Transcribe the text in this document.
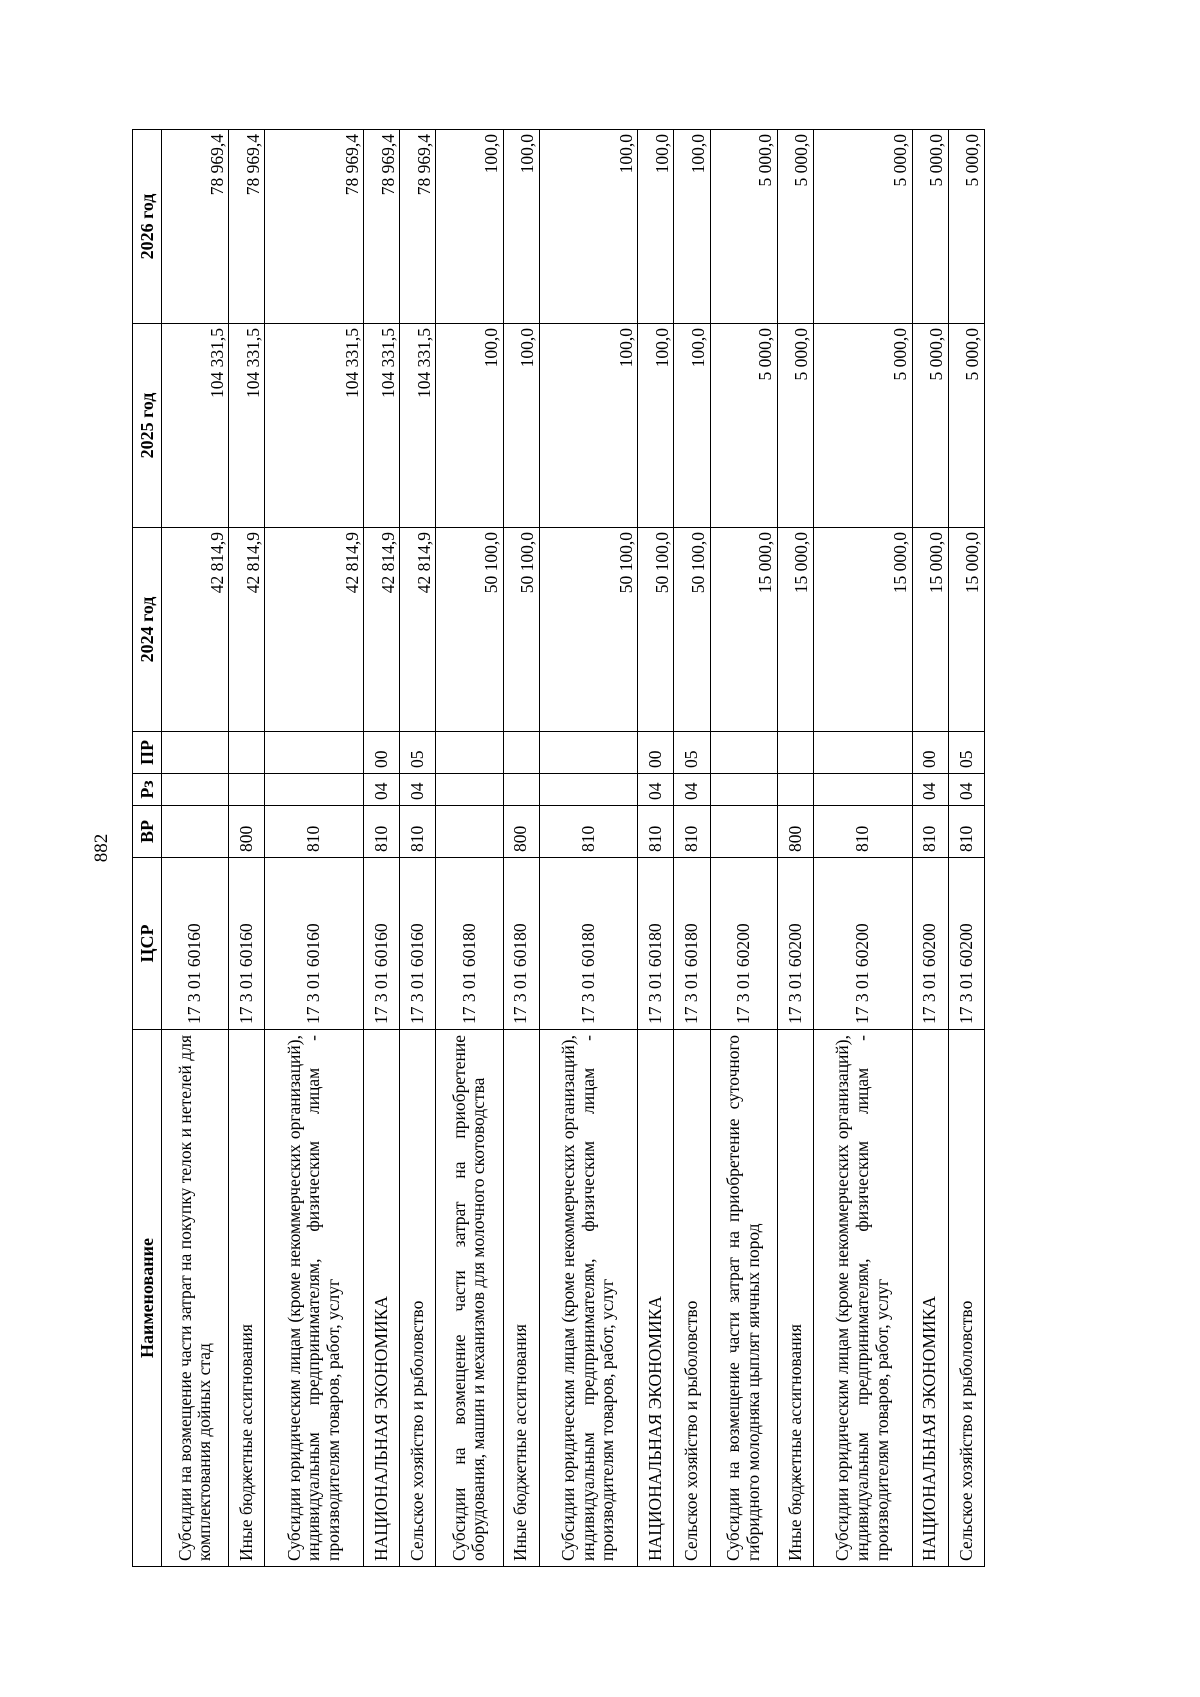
882
Наименование	ЦСР	ВР	Рз	ПР	2024 год	2025 год	2026 год
Субсидии на возмещение части затрат на покупку телок и нетелей для комплектования дойных стад	17 3 01 60160				42 814,9	104 331,5	78 969,4
Иные бюджетные ассигнования	17 3 01 60160	800			42 814,9	104 331,5	78 969,4
Субсидии юридическим лицам (кроме некоммерческих организаций), индивидуальным предпринимателям, физическим лицам - производителям товаров, работ, услуг	17 3 01 60160	810			42 814,9	104 331,5	78 969,4
НАЦИОНАЛЬНАЯ ЭКОНОМИКА	17 3 01 60160	810	04	00	42 814,9	104 331,5	78 969,4
Сельское хозяйство и рыболовство	17 3 01 60160	810	04	05	42 814,9	104 331,5	78 969,4
Субсидии на возмещение части затрат на приобретение оборудования, машин и механизмов для молочного скотоводства	17 3 01 60180				50 100,0	100,0	100,0
Иные бюджетные ассигнования	17 3 01 60180	800			50 100,0	100,0	100,0
Субсидии юридическим лицам (кроме некоммерческих организаций), индивидуальным предпринимателям, физическим лицам - производителям товаров, работ, услуг	17 3 01 60180	810			50 100,0	100,0	100,0
НАЦИОНАЛЬНАЯ ЭКОНОМИКА	17 3 01 60180	810	04	00	50 100,0	100,0	100,0
Сельское хозяйство и рыболовство	17 3 01 60180	810	04	05	50 100,0	100,0	100,0
Субсидии на возмещение части затрат на приобретение суточного гибридного молодняка цыплят яичных пород	17 3 01 60200				15 000,0	5 000,0	5 000,0
Иные бюджетные ассигнования	17 3 01 60200	800			15 000,0	5 000,0	5 000,0
Субсидии юридическим лицам (кроме некоммерческих организаций), индивидуальным предпринимателям, физическим лицам - производителям товаров, работ, услуг	17 3 01 60200	810			15 000,0	5 000,0	5 000,0
НАЦИОНАЛЬНАЯ ЭКОНОМИКА	17 3 01 60200	810	04	00	15 000,0	5 000,0	5 000,0
Сельское хозяйство и рыболовство	17 3 01 60200	810	04	05	15 000,0	5 000,0	5 000,0
